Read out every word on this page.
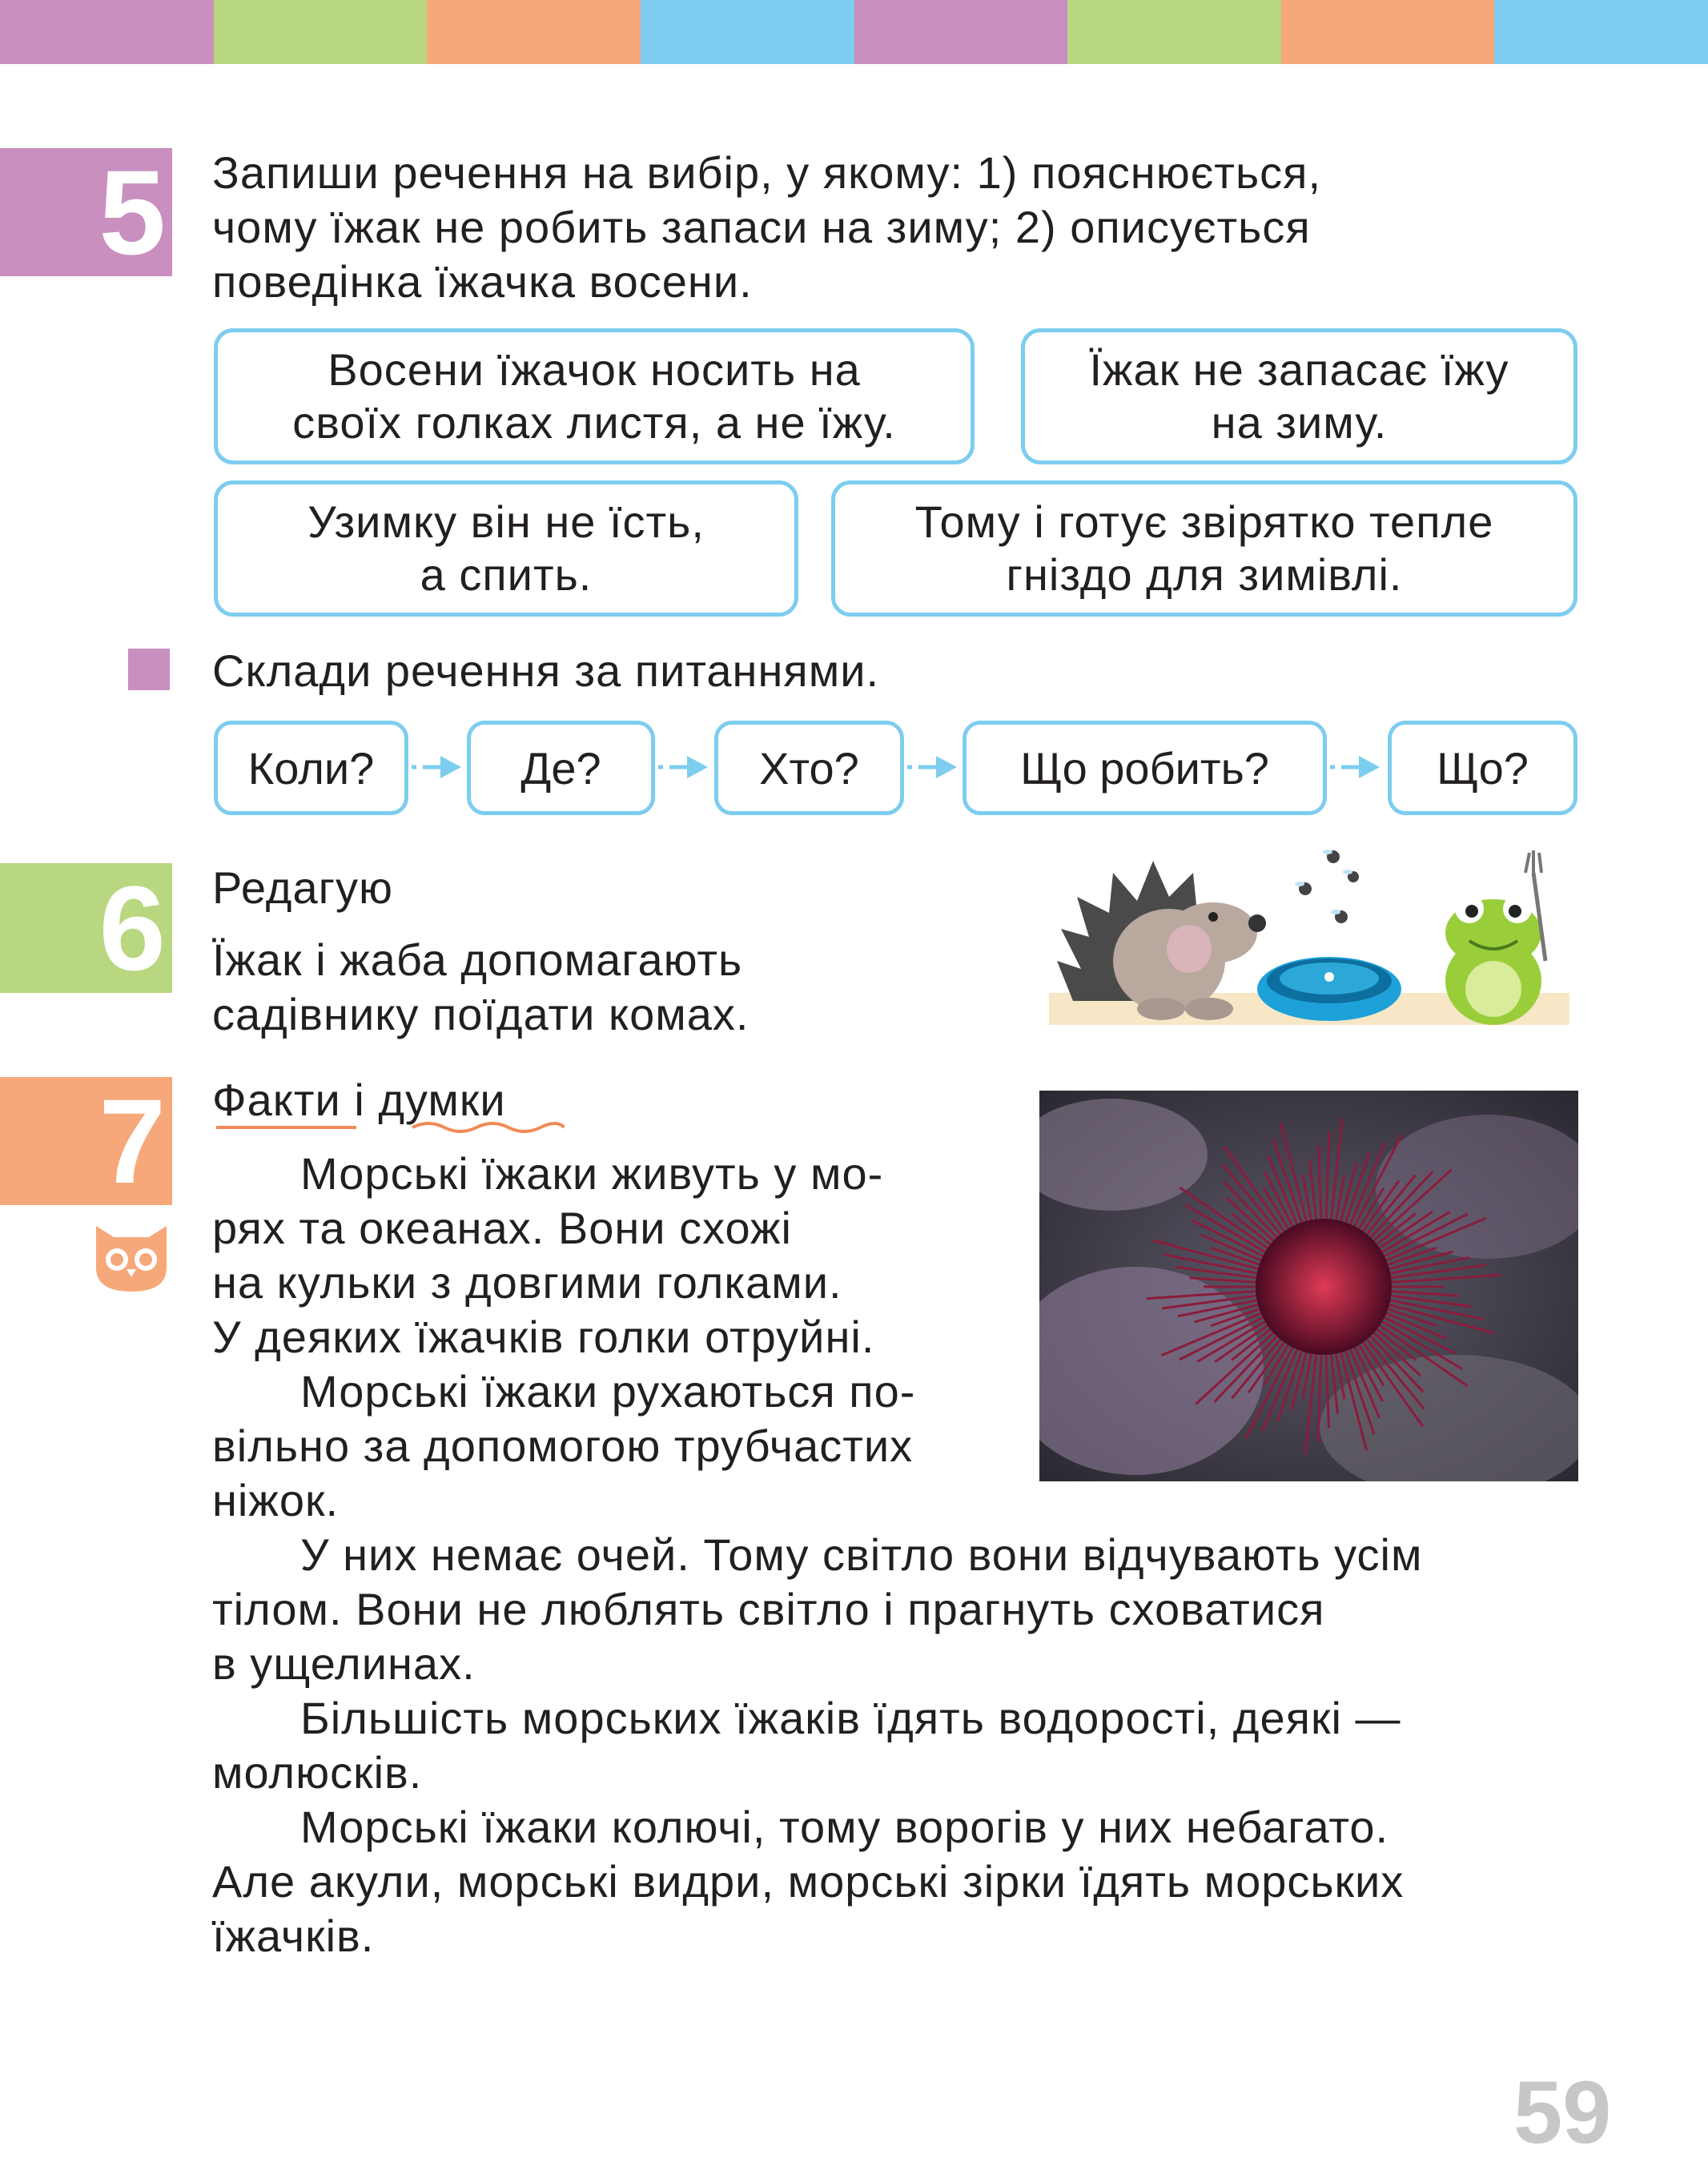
5 Запиши речення на вибір, у якому: 1) пояснюється,
чому їжак не робить запаси на зиму; 2) описується
поведінка їжачка восени.
Восени їжачок носить на
своїх голках листя, а не їжу.
Їжак не запасає їжу
на зиму.
Узимку він не їсть,
а спить.
Тому і готує звірятко тепле
гніздо для зимівлі.
Склади речення за питаннями.
Коли?	Де?	Хто?	Що робить?	Що?
6 Редагую
Їжак і жаба допомагають
садівнику поїдати комах.
7 Факти і думки
Морські їжаки живуть у мо-
рях та океанах. Вони схожі
на кульки з довгими голками.
У деяких їжачків голки отруйні.
Морські їжаки рухаються по-
вільно за допомогою трубчастих
ніжок.
У них немає очей. Тому світло вони відчувають усім
тілом. Вони не люблять світло і прагнуть сховатися
в ущелинах.
Більшість морських їжаків їдять водорості, деякі —
молюсків.
Морські їжаки колючі, тому ворогів у них небагато.
Але акули, морські видри, морські зірки їдять морських
їжачків.
59
